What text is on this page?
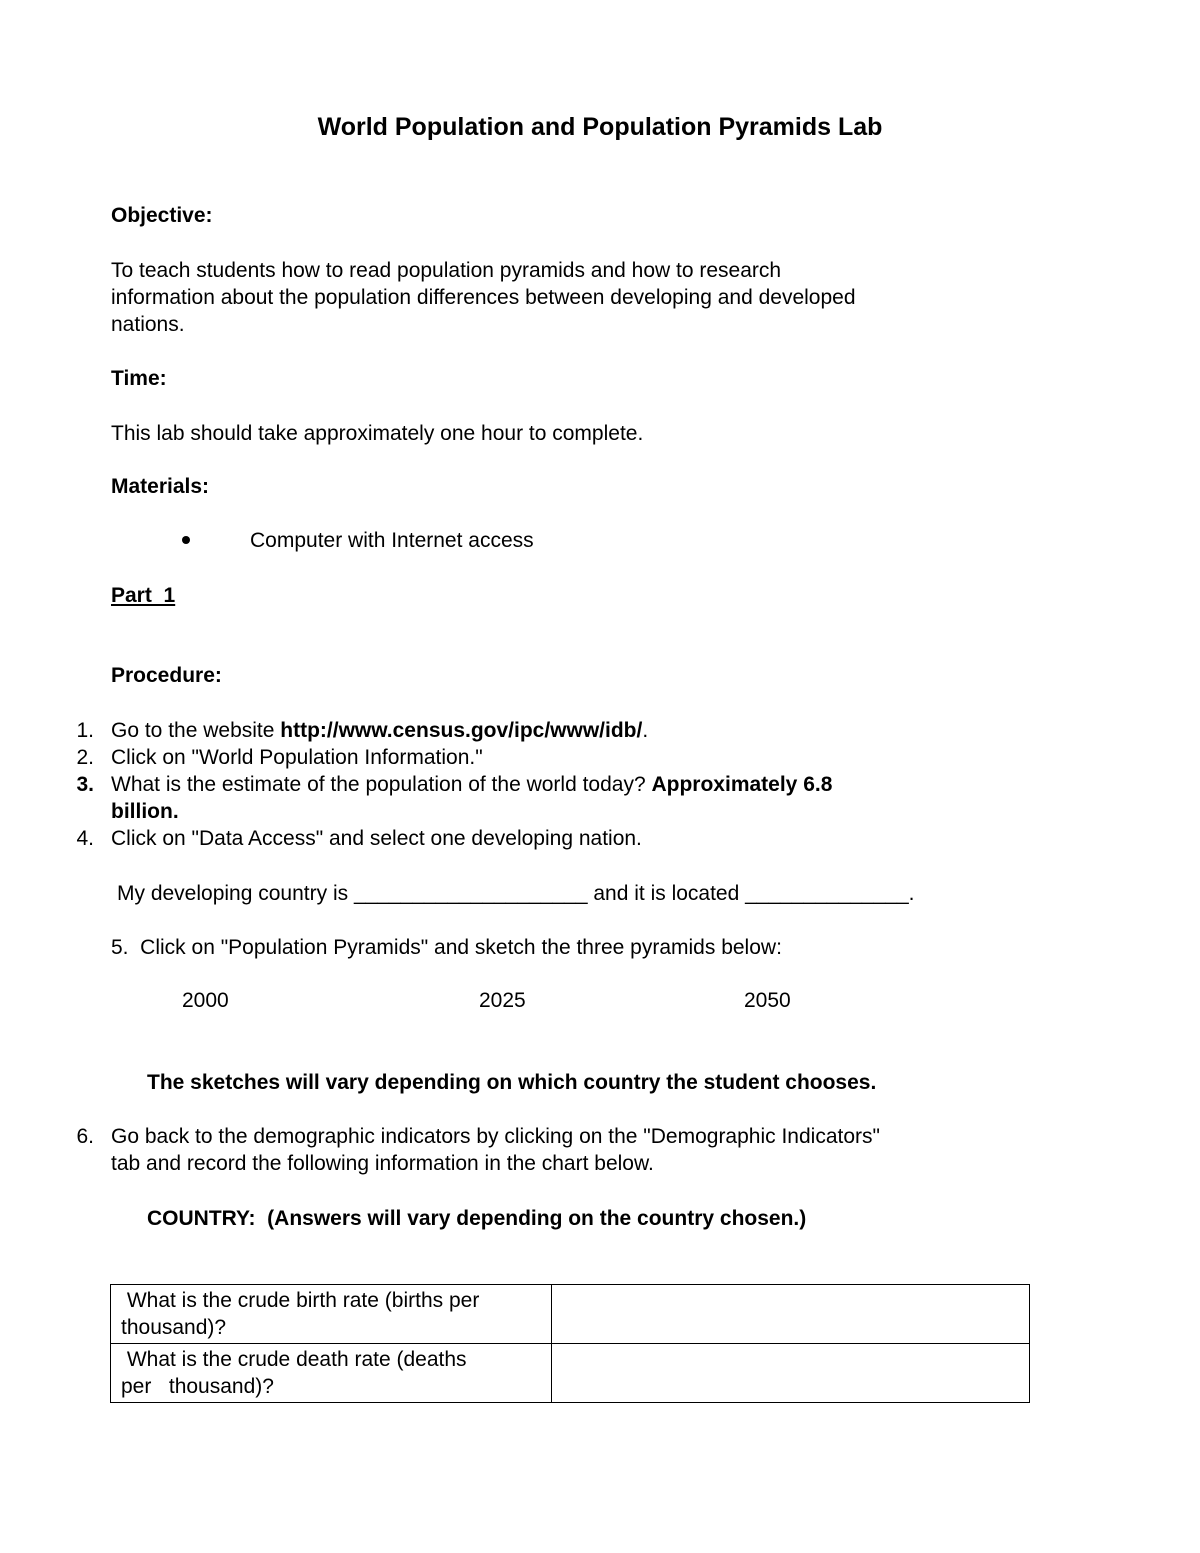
World Population and Population Pyramids Lab
Objective:
To teach students how to read population pyramids and how to research
information about the population differences between developing and developed
nations.
Time:
This lab should take approximately one hour to complete.
Materials:
Computer with Internet access
Part  1
Procedure:
1. Go to the website http://www.census.gov/ipc/www/idb/.
2. Click on "World Population Information."
3. What is the estimate of the population of the world today? Approximately 6.8
billion.
4. Click on "Data Access" and select one developing nation.
My developing country is ____________________ and it is located ______________.
5.  Click on "Population Pyramids" and sketch the three pyramids below:
2000	2025	2050
The sketches will vary depending on which country the student chooses.
6. Go back to the demographic indicators by clicking on the "Demographic Indicators"
tab and record the following information in the chart below.
COUNTRY:  (Answers will vary depending on the country chosen.)
What is the crude birth rate (births per
thousand)?	

What is the crude death rate (deaths
per   thousand)?	
